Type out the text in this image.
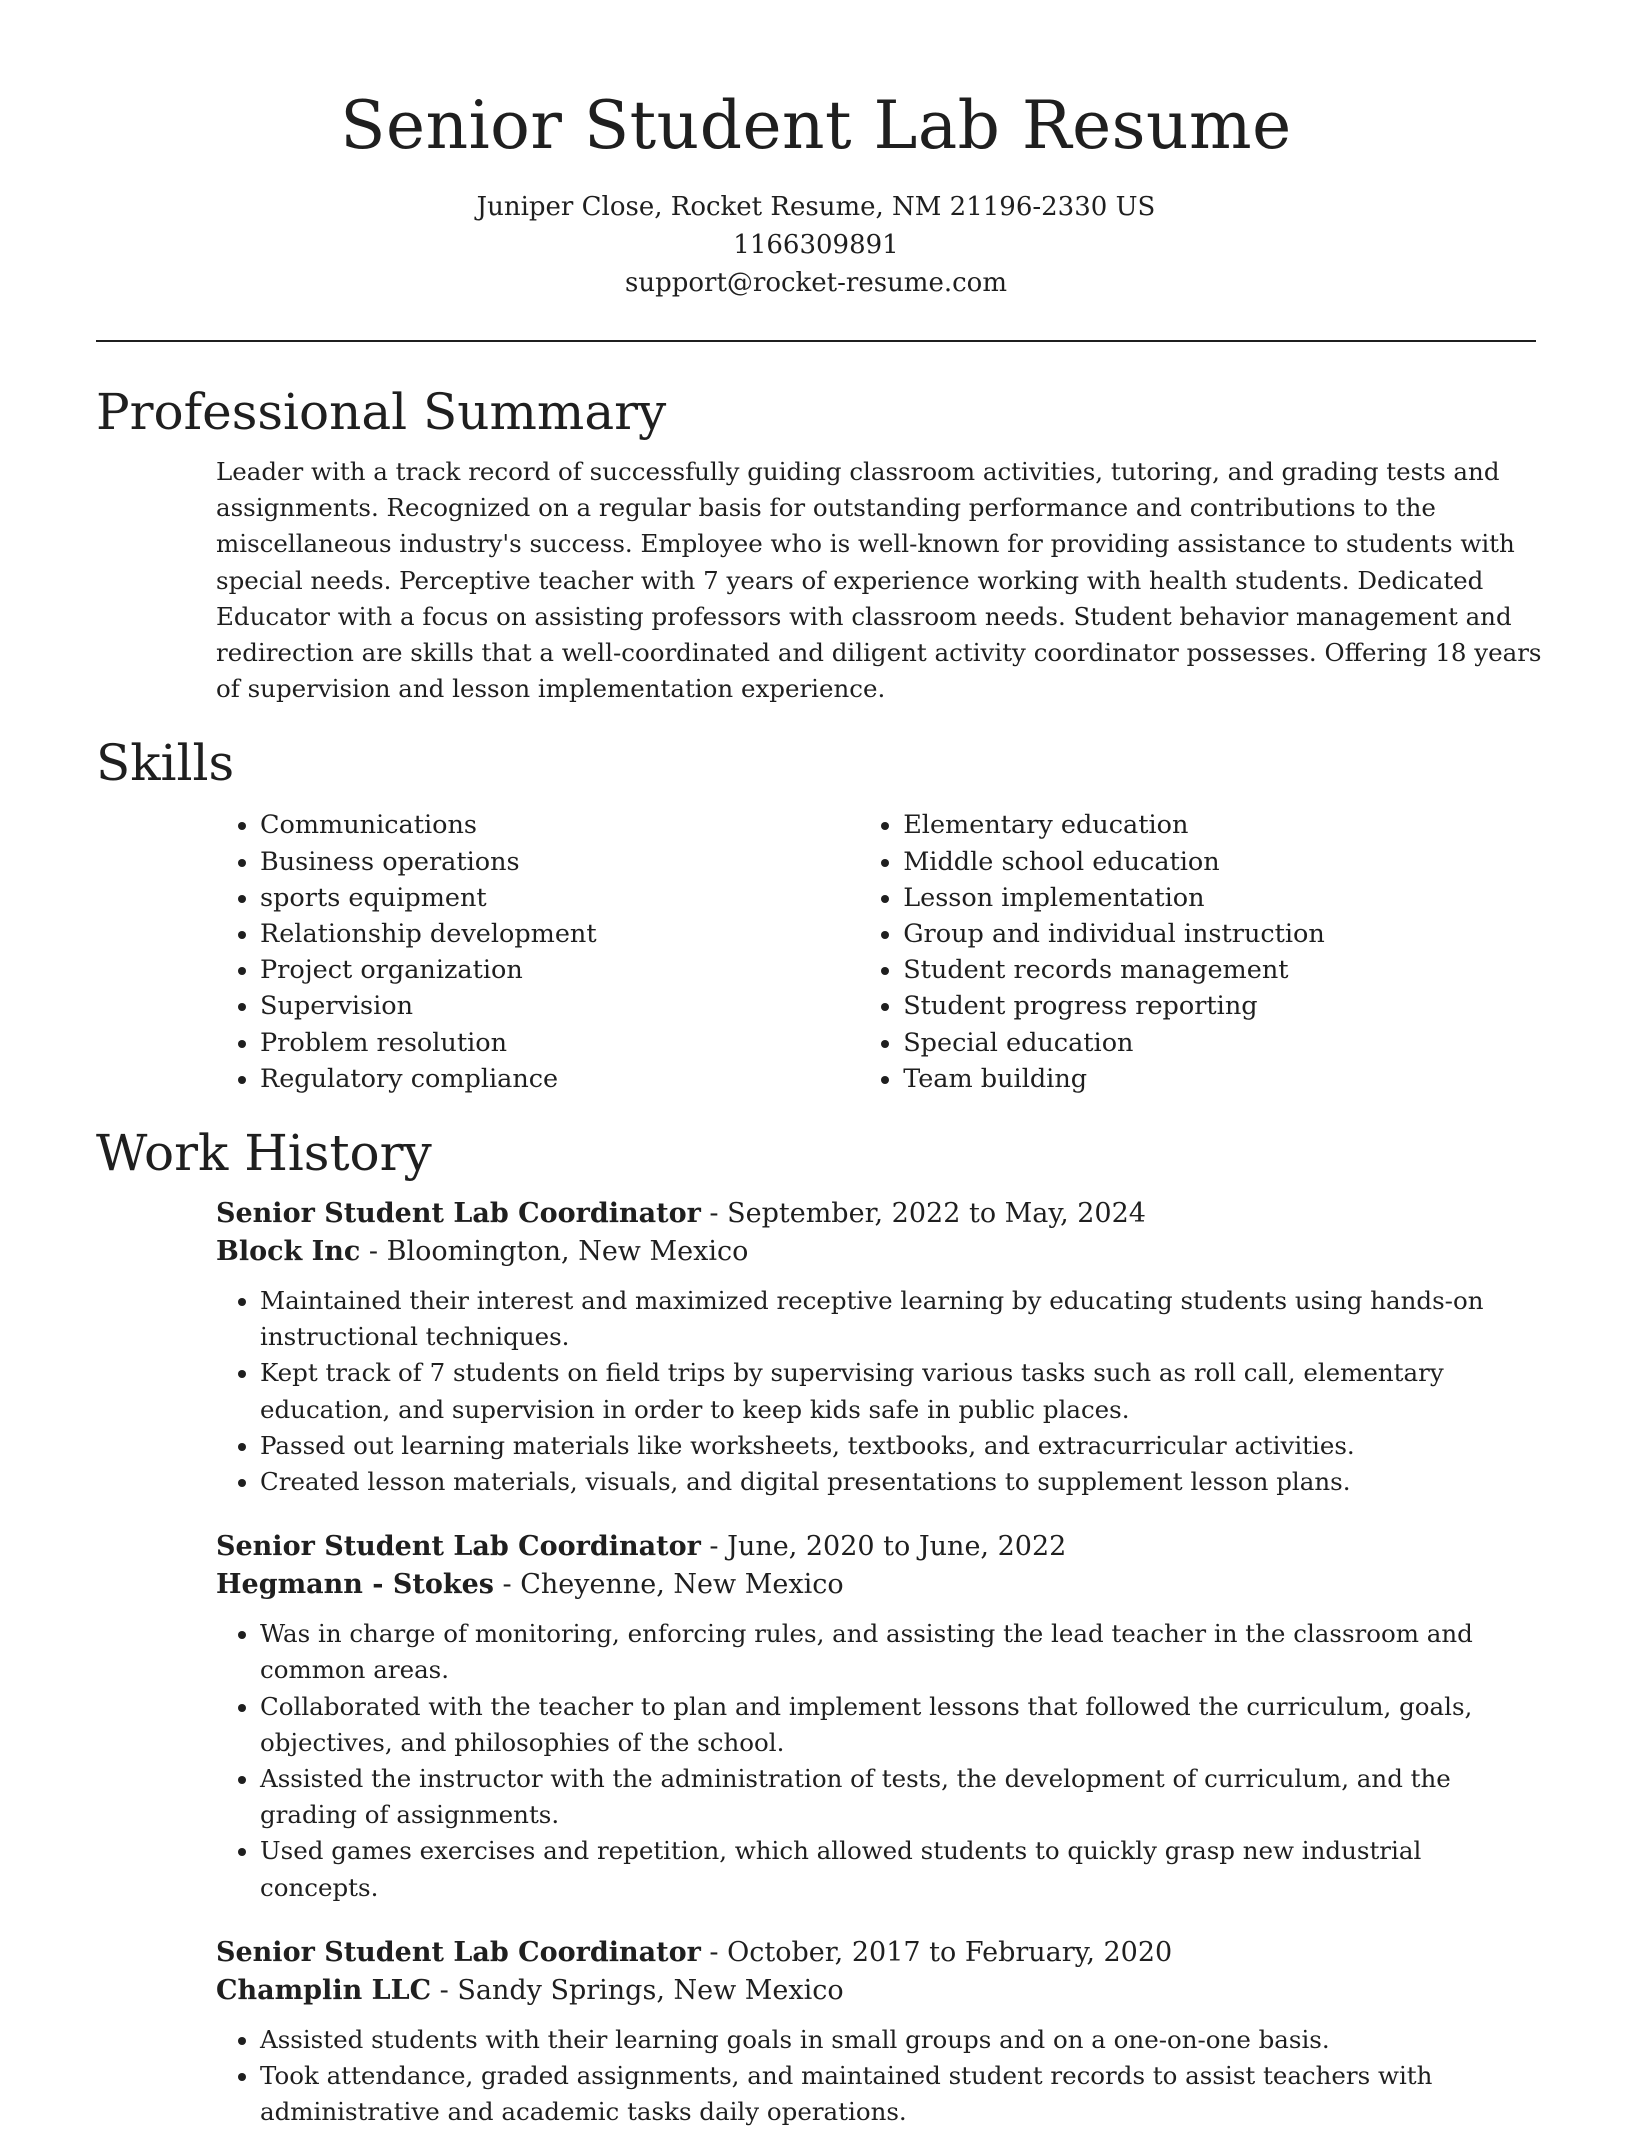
Senior Student Lab Resume

Juniper Close, Rocket Resume, NM 21196-2330 US

1166309891

support@rocket-resume.com

Professional Summary

Leader with a track record of successfully guiding classroom activities, tutoring, and grading tests and assignments. Recognized on a regular basis for outstanding performance and contributions to the miscellaneous industry's success. Employee who is well-known for providing assistance to students with special needs. Perceptive teacher with 7 years of experience working with health students. Dedicated Educator with a focus on assisting professors with classroom needs. Student behavior management and redirection are skills that a well-coordinated and diligent activity coordinator possesses. Offering 18 years of supervision and lesson implementation experience.

Skills
• Communications
• Business operations
• sports equipment
• Relationship development
• Project organization
• Supervision
• Problem resolution
• Regulatory compliance
• Elementary education
• Middle school education
• Lesson implementation
• Group and individual instruction
• Student records management
• Student progress reporting
• Special education
• Team building
Work History

Senior Student Lab Coordinator - September, 2022 to May, 2024

Block Inc - Bloomington, New Mexico

• Maintained their interest and maximized receptive learning by educating students using hands-on instructional techniques.
• Kept track of 7 students on field trips by supervising various tasks such as roll call, elementary education, and supervision in order to keep kids safe in public places.
• Passed out learning materials like worksheets, textbooks, and extracurricular activities.
• Created lesson materials, visuals, and digital presentations to supplement lesson plans.

Senior Student Lab Coordinator - June, 2020 to June, 2022

Hegmann - Stokes - Cheyenne, New Mexico

• Was in charge of monitoring, enforcing rules, and assisting the lead teacher in the classroom and common areas.
• Collaborated with the teacher to plan and implement lessons that followed the curriculum, goals, objectives, and philosophies of the school.
• Assisted the instructor with the administration of tests, the development of curriculum, and the grading of assignments.
• Used games exercises and repetition, which allowed students to quickly grasp new industrial concepts.

Senior Student Lab Coordinator - October, 2017 to February, 2020

Champlin LLC - Sandy Springs, New Mexico

• Assisted students with their learning goals in small groups and on a one-on-one basis.
• Took attendance, graded assignments, and maintained student records to assist teachers with administrative and academic tasks daily operations.
